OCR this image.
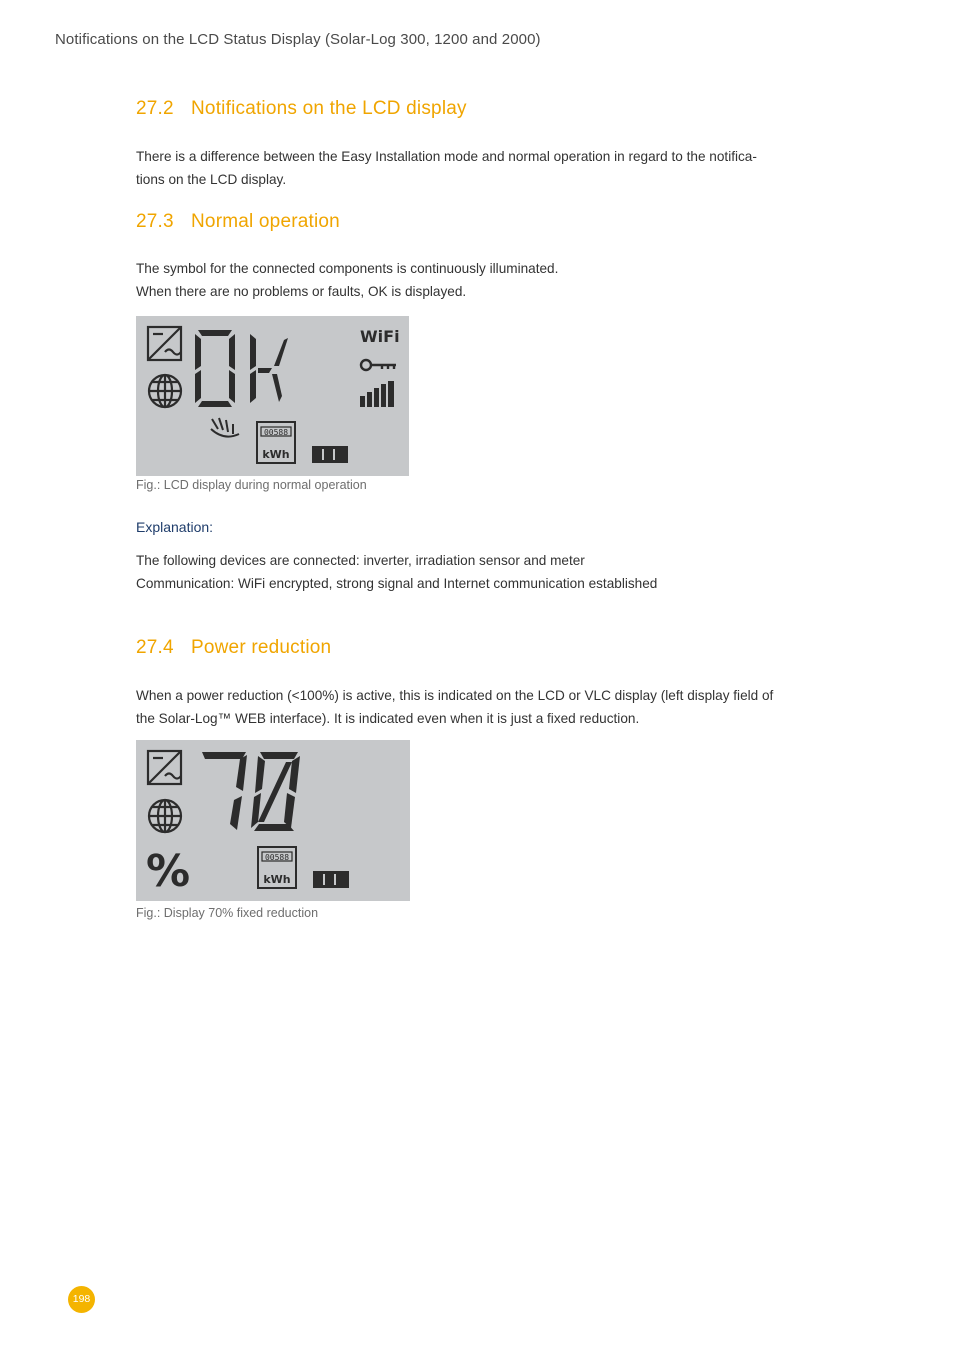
Notifications on the LCD Status Display (Solar-Log 300, 1200 and 2000)
27.2 Notifications on the LCD display

There is a difference between the Easy Installation mode and normal operation in regard to the notifica-
tions on the LCD display.

27.3 Normal operation

The symbol for the connected components is continuously illuminated.
When there are no problems or faults, OK is displayed.

WiFi
00588
kWh
Fig.: LCD display during normal operation
Explanation:

The following devices are connected: inverter, irradiation sensor and meter
Communication: WiFi encrypted, strong signal and Internet communication established

27.4 Power reduction

When a power reduction (<100%) is active, this is indicated on the LCD or VLC display (left display field of
the Solar-Log™ WEB interface). It is indicated even when it is just a fixed reduction.

%	00588
kWh
Fig.: Display 70% fixed reduction
198
